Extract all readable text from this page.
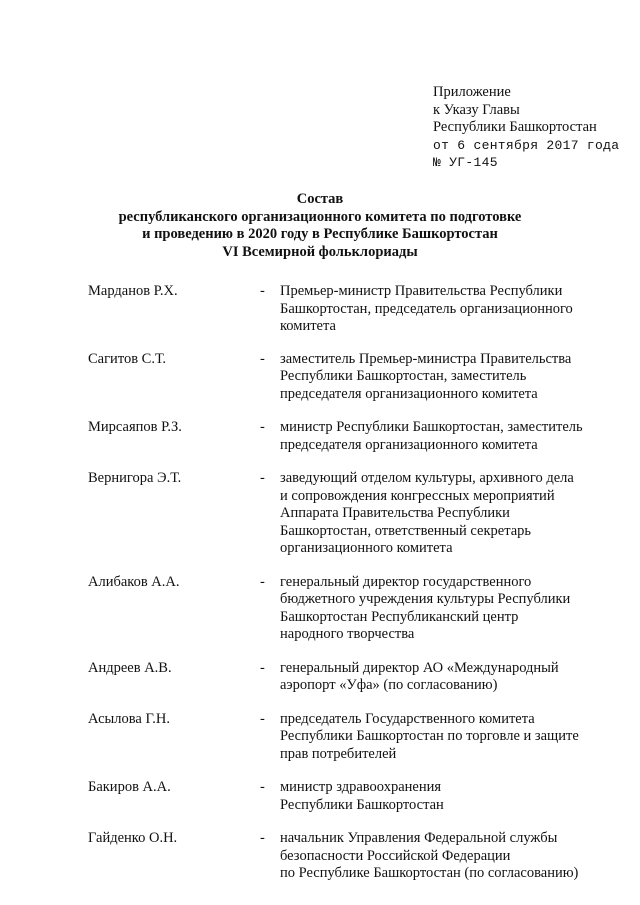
Приложение
к Указу Главы
Республики Башкортостан
от 6 сентября 2017 года
№ УГ-145
Состав
республиканского организационного комитета по подготовке
и проведению в 2020 году в Республике Башкортостан
VI Всемирной фольклориады
Марданов Р.Х.	- Премьер-министр Правительства Республики
Башкортостан, председатель организационного
комитета
Сагитов С.Т.	- заместитель Премьер-министра Правительства
Республики Башкортостан, заместитель
председателя организационного комитета
Мирсаяпов Р.З.	- министр Республики Башкортостан, заместитель
председателя организационного комитета
Вернигора Э.Т.	- заведующий отделом культуры, архивного дела
и сопровождения конгрессных мероприятий
Аппарата Правительства Республики
Башкортостан, ответственный секретарь
организационного комитета
Алибаков А.А.	- генеральный директор государственного
бюджетного учреждения культуры Республики
Башкортостан Республиканский центр
народного творчества
Андреев А.В.	- генеральный директор АО «Международный
аэропорт «Уфа» (по согласованию)
Асылова Г.Н.	- председатель Государственного комитета
Республики Башкортостан по торговле и защите
прав потребителей
Бакиров А.А.	- министр здравоохранения
Республики Башкортостан
Гайденко О.Н.	- начальник Управления Федеральной службы
безопасности Российской Федерации
по Республике Башкортостан (по согласованию)
